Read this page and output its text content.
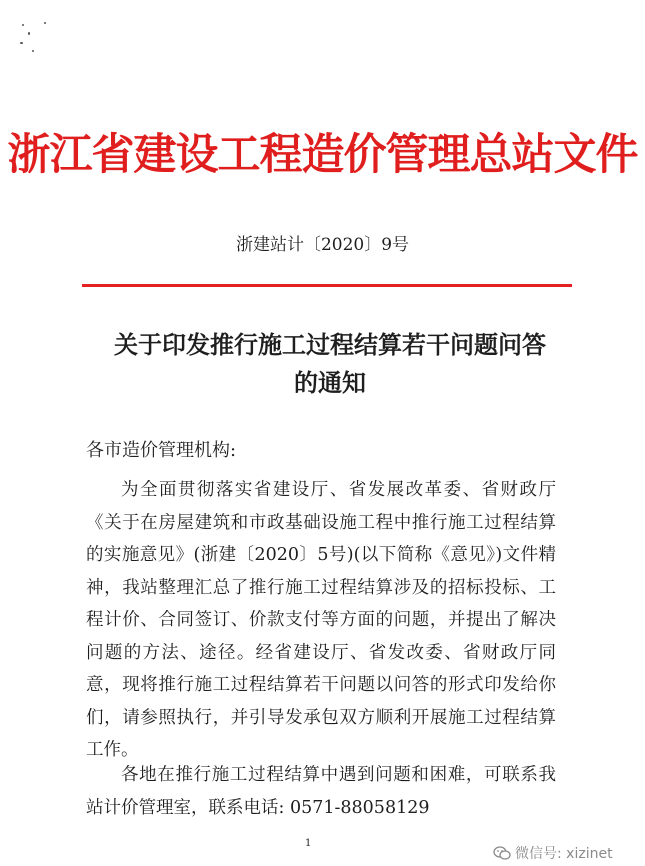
浙江省建设工程造价管理总站文件
浙建站计〔2020〕9号
关于印发推行施工过程结算若干问题问答
的通知
各市造价管理机构:
为全面贯彻落实省建设厅、省发展改革委、省财政厅《关于在房屋建筑和市政基础设施工程中推行施工过程结算的实施意见》(浙建〔2020〕5号)(以下简称《意见》)文件精神，我站整理汇总了推行施工过程结算涉及的招标投标、工程计价、合同签订、价款支付等方面的问题，并提出了解决问题的方法、途径。经省建设厅、省发改委、省财政厅同意，现将推行施工过程结算若干问题以问答的形式印发给你们，请参照执行，并引导发承包双方顺利开展施工过程结算工作。
各地在推行施工过程结算中遇到问题和困难，可联系我站计价管理室，联系电话: 0571-88058129
1
微信号: xizinet
